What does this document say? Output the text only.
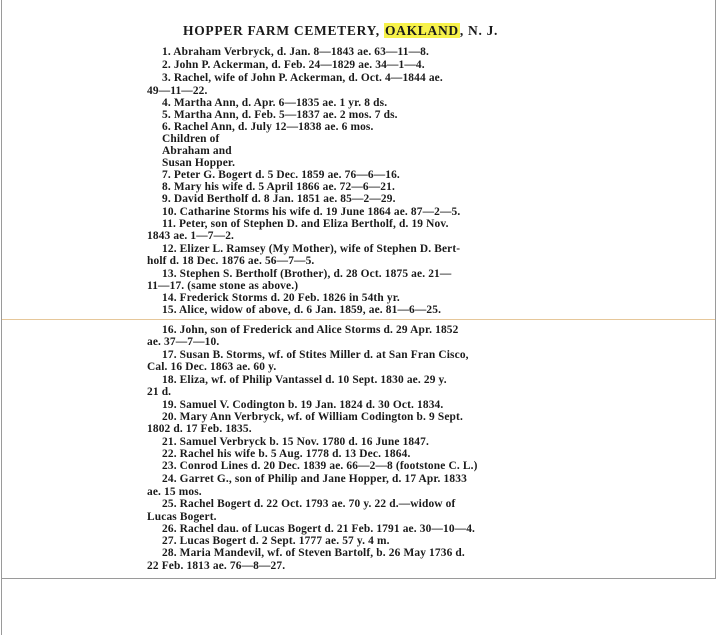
HOPPER FARM CEMETERY, OAKLAND, N. J.
1. Abraham Verbryck, d. Jan. 8—1843 ae. 63—11—8.
2. John P. Ackerman, d. Feb. 24—1829 ae. 34—1—4.
3. Rachel, wife of John P. Ackerman, d. Oct. 4—1844 ae.
49—11—22.
4. Martha Ann, d. Apr. 6—1835 ae. 1 yr. 8 ds.
5. Martha Ann, d. Feb. 5—1837 ae. 2 mos. 7 ds.
6. Rachel Ann, d. July 12—1838 ae. 6 mos.
Children of
Abraham and
Susan Hopper.
7. Peter G. Bogert d. 5 Dec. 1859 ae. 76—6—16.
8. Mary his wife d. 5 April 1866 ae. 72—6—21.
9. David Bertholf d. 8 Jan. 1851 ae. 85—2—29.
10. Catharine Storms his wife d. 19 June 1864 ae. 87—2—5.
11. Peter, son of Stephen D. and Eliza Bertholf, d. 19 Nov.
1843 ae. 1—7—2.
12. Elizer L. Ramsey (My Mother), wife of Stephen D. Bert-
holf d. 18 Dec. 1876 ae. 56—7—5.
13. Stephen S. Bertholf (Brother), d. 28 Oct. 1875 ae. 21—
11—17. (same stone as above.)
14. Frederick Storms d. 20 Feb. 1826 in 54th yr.
15. Alice, widow of above, d. 6 Jan. 1859, ae. 81—6—25.
16. John, son of Frederick and Alice Storms d. 29 Apr. 1852
ae. 37—7—10.
17. Susan B. Storms, wf. of Stites Miller d. at San Fran Cisco,
Cal. 16 Dec. 1863 ae. 60 y.
18. Eliza, wf. of Philip Vantassel d. 10 Sept. 1830 ae. 29 y.
21 d.
19. Samuel V. Codington b. 19 Jan. 1824 d. 30 Oct. 1834.
20. Mary Ann Verbryck, wf. of William Codington b. 9 Sept.
1802 d. 17 Feb. 1835.
21. Samuel Verbryck b. 15 Nov. 1780 d. 16 June 1847.
22. Rachel his wife b. 5 Aug. 1778 d. 13 Dec. 1864.
23. Conrod Lines d. 20 Dec. 1839 ae. 66—2—8 (footstone C. L.)
24. Garret G., son of Philip and Jane Hopper, d. 17 Apr. 1833
ae. 15 mos.
25. Rachel Bogert d. 22 Oct. 1793 ae. 70 y. 22 d.—widow of
Lucas Bogert.
26. Rachel dau. of Lucas Bogert d. 21 Feb. 1791 ae. 30—10—4.
27. Lucas Bogert d. 2 Sept. 1777 ae. 57 y. 4 m.
28. Maria Mandevil, wf. of Steven Bartolf, b. 26 May 1736 d.
22 Feb. 1813 ae. 76—8—27.
